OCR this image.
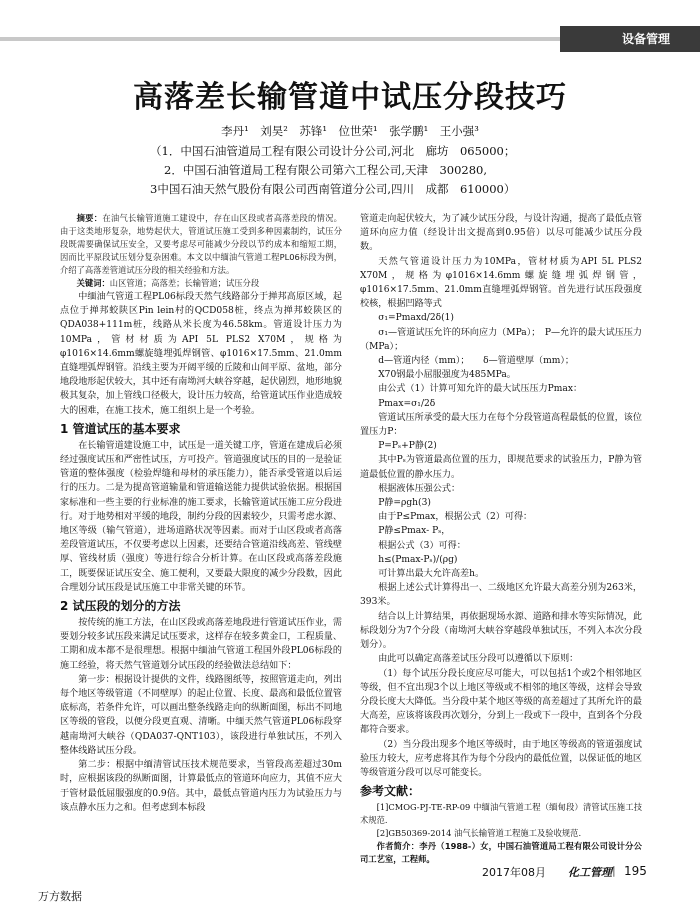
设备管理
高落差长输管道中试压分段技巧
李丹¹　刘昊²　苏锋¹　位世荣¹　张学鹏¹　王小强³
（1．中国石油管道局工程有限公司设计分公司,河北　廊坊　065000；
2．中国石油管道局工程有限公司第六工程公司,天津　300280,
3中国石油天然气股份有限公司西南管道分公司,四川　成都　610000）

摘要：在油气长输管道施工建设中，存在山区段或者高落差段的情况。由于这类地形复杂，地势起伏大，管道试压施工受到多种因素制约，试压分段既需要确保试压安全，又要考虑尽可能减少分段以节约成本和缩短工期，因而比平原段试压划分复杂困难。本文以中缅油气管道工程PL06标段为例，介绍了高落差管道试压分段的相关经验和方法。

关键词：山区管道；高落差；长输管道；试压分段

中缅油气管道工程PL06标段天然气线路部分于掸邦高原区域，起点位于掸邦蛟陕区Pin lein村的QCD058桩，终点为掸邦蛟陕区的QDA038+111m桩，线路从米长度为46.58km。管道设计压力为10MPa，管材材质为API 5L PLS2 X70M，规格为φ1016×14.6mm螺旋缝埋弧焊钢管、φ1016×17.5mm、21.0mm直缝埋弧焊钢管。沿线主要为开阔平缓的丘陵和山间平原、盆地，部分地段地形起伏较大，其中还有南坳河大峡谷穿越，起伏剧烈，地形地貌极其复杂，加上管线口径极大，设计压力较高，给管道试压作业造成较大的困难，在施工技术，施工组织上是一个考验。

1 管道试压的基本要求

在长输管道建设施工中，试压是一道关键工序，管道在建成后必须经过强度试压和严密性试压，方可投产。管道强度试压的目的一是验证管道的整体强度（检验焊缝和母材的承压能力），能否承受管道以后运行的压力。二是为提高管道输量和管道输送能力提供试验依据。根据国家标准和一些主要的行业标准的施工要求，长输管道试压施工应分段进行。对于地势相对平缓的地段，制约分段的因素较少，只需考虑水源、地区等级（输气管道），进场道路状况等因素。而对于山区段或者高落差段管道试压，不仅要考虑以上因素，还要结合管道沿线高差、管线壁厚、管线材质（强度）等进行综合分析计算。在山区段或高落差段施工，既要保证试压安全、施工便利，又要最大限度的减少分段数，因此合理划分试压段是试压施工中非常关键的环节。

2 试压段的划分的方法

按传统的施工方法，在山区段或高落差地段进行管道试压作业，需要划分较多试压段来满足试压要求，这样存在较多黄金口，工程质量、工期和成本都不是很理想。根据中缅油气管道工程国外段PL06标段的施工经验，将天然气管道划分试压段的经验做法总结如下：

第一步：根据设计提供的文件，线路图纸等，按照管道走向，列出每个地区等级管道（不同壁厚）的起止位置、长度、最高和最低位置管底标高，若条件允许，可以画出整条线路走向的纵断面图，标出不同地区等级的管段，以便分段更直观、清晰。中缅天然气管道PL06标段穿越南坳河大峡谷（QDA037-QNT103），该段进行单独试压，不列入整体线路试压分段。

第二步：根据中缅清管试压技术规范要求，当管段高差超过30m时，应根据该段的纵断面图，计算最低点的管道环向应力，其值不应大于管材最低屈服强度的0.9倍。其中，最低点管道内压力为试验压力与该点静水压力之和。但考虑到本标段

管道走向起伏较大，为了减少试压分段，与设计沟通，提高了最低点管道环向应力值（经设计出文提高到0.95倍）以尽可能减少试压分段数。

天然气管道设计压力为10MPa，管材材质为API 5L PLS2 X70M，规格为φ1016×14.6mm螺旋缝埋弧焊钢管，φ1016×17.5mm、21.0mm直缝埋弧焊钢管。首先进行试压段强度校核，根据凹路等式

σ₁=Pmaxd/2δ(1)

σ₁—管道试压允许的环向应力（MPa）；　P—允许的最大试压压力（MPa）；

d—管道内径（mm）；　　δ—管道壁厚（mm）；

X70钢最小屈服强度为485MPa。

由公式（1）计算可知允许的最大试压压力Pmax：

Pmax=σ₁/2δ

管道试压所承受的最大压力在每个分段管道高程最低的位置，该位置压力P：

P=Pₛ+P静(2)

其中Pₛ为管道最高位置的压力，即规范要求的试验压力，P静为管道最低位置的静水压力。

根据液体压强公式：

P静=ρgh(3)

由于P≤Pmax，根据公式（2）可得：

P静≤Pmax- Pₛ，

根据公式（3）可得：

h≤(Pmax-Pₛ)/(ρg)

可计算出最大允许高差h。

根据上述公式计算得出一、二级地区允许最大高差分别为263米，393米。

结合以上计算结果，再依据现场水源、道路和排水等实际情况，此标段划分为7个分段（南坳河大峡谷穿越段单独试压，不列入本次分段划分）。

由此可以确定高落差试压分段可以遵循以下原则：

（1）每个试压分段长度应尽可能大，可以包括1个或2个相邻地区等级，但不宜出现3个以上地区等级或不相邻的地区等级，这样会导致分段长度大大降低。当分段中某个地区等级的高差超过了其所允许的最大高差，应该将该段再次划分，分到上一段或下一段中，直到各个分段都符合要求。

（2）当分段出现多个地区等级时，由于地区等级高的管道强度试验压力较大，应考虑将其作为每个分段内的最低位置，以保证低的地区等级管道分段可以尽可能变长。

参考文献：

[1]CMOG-PJ-TE-RP-09 中缅油气管道工程（缅甸段）清管试压施工技术规范.

[2]GB50369-2014 油气长输管道工程施工及验收规范.

作者简介：李丹（1988-）女，中国石油管道局工程有限公司设计分公司工艺室，工程师。

2017年08月 化工管理 | 195
万方数据
